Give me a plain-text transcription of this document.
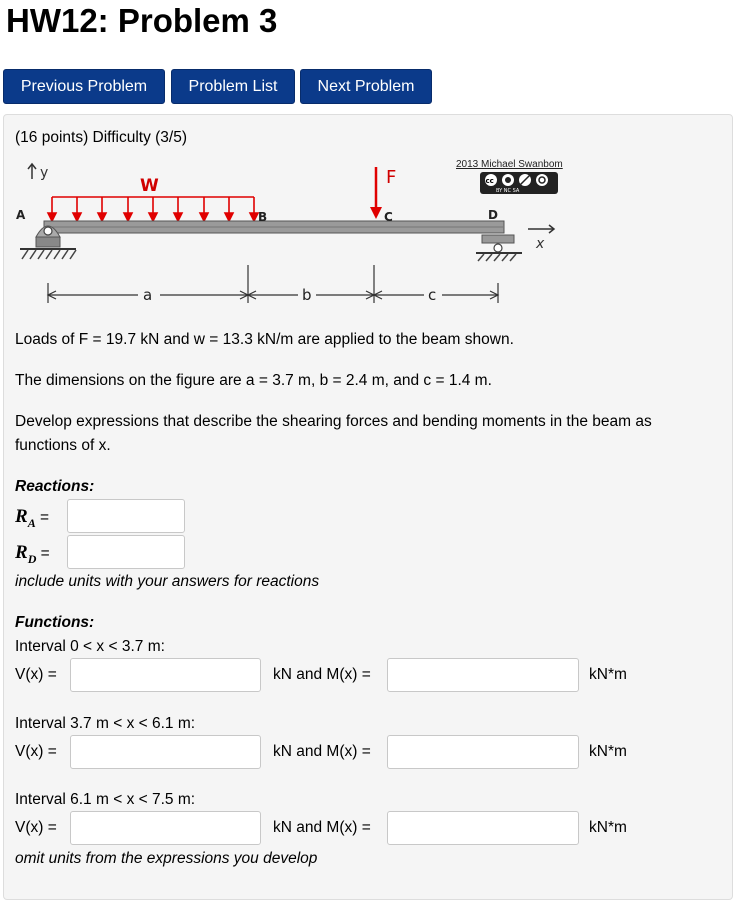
HW12: Problem 3
Previous Problem	Problem List	Next Problem
(16 points) Difficulty (3/5)
y
W	F
A	B	C	D
x
2013 Michael Swanbom
cc
BY NC SA
a	b	c
Loads of F = 19.7 kN and w = 13.3 kN/m are applied to the beam shown.
The dimensions on the figure are a = 3.7 m, b = 2.4 m, and c = 1.4 m.
Develop expressions that describe the shearing forces and bending moments in the beam as
functions of x.
Reactions:
$R_A$ =
$R_D$ =
include units with your answers for reactions
Functions:
Interval 0 < x < 3.7 m:
V(x) =	kN and M(x) =	kN*m
Interval 3.7 m < x < 6.1 m:
V(x) =	kN and M(x) =	kN*m
Interval 6.1 m < x < 7.5 m:
V(x) =	kN and M(x) =	kN*m
omit units from the expressions you develop
